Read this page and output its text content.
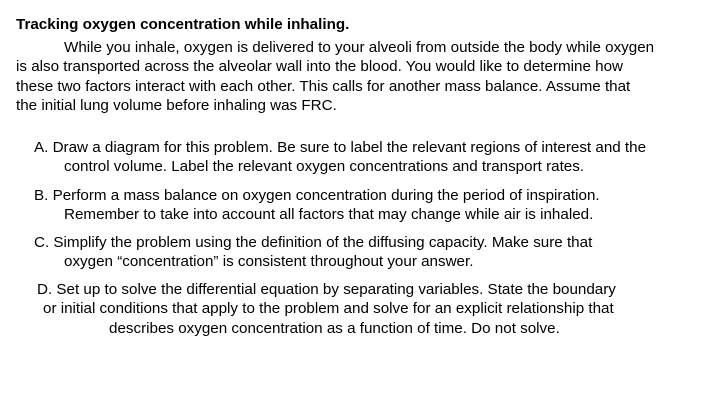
Tracking oxygen concentration while inhaling.
While you inhale, oxygen is delivered to your alveoli from outside the body while oxygen
is also transported across the alveolar wall into the blood. You would like to determine how
these two factors interact with each other. This calls for another mass balance. Assume that
the initial lung volume before inhaling was FRC.
A. Draw a diagram for this problem. Be sure to label the relevant regions of interest and the
control volume. Label the relevant oxygen concentrations and transport rates.
B. Perform a mass balance on oxygen concentration during the period of inspiration.
Remember to take into account all factors that may change while air is inhaled.
C. Simplify the problem using the definition of the diffusing capacity. Make sure that
oxygen “concentration” is consistent throughout your answer.
D. Set up to solve the differential equation by separating variables. State the boundary
or initial conditions that apply to the problem and solve for an explicit relationship that
describes oxygen concentration as a function of time. Do not solve.
